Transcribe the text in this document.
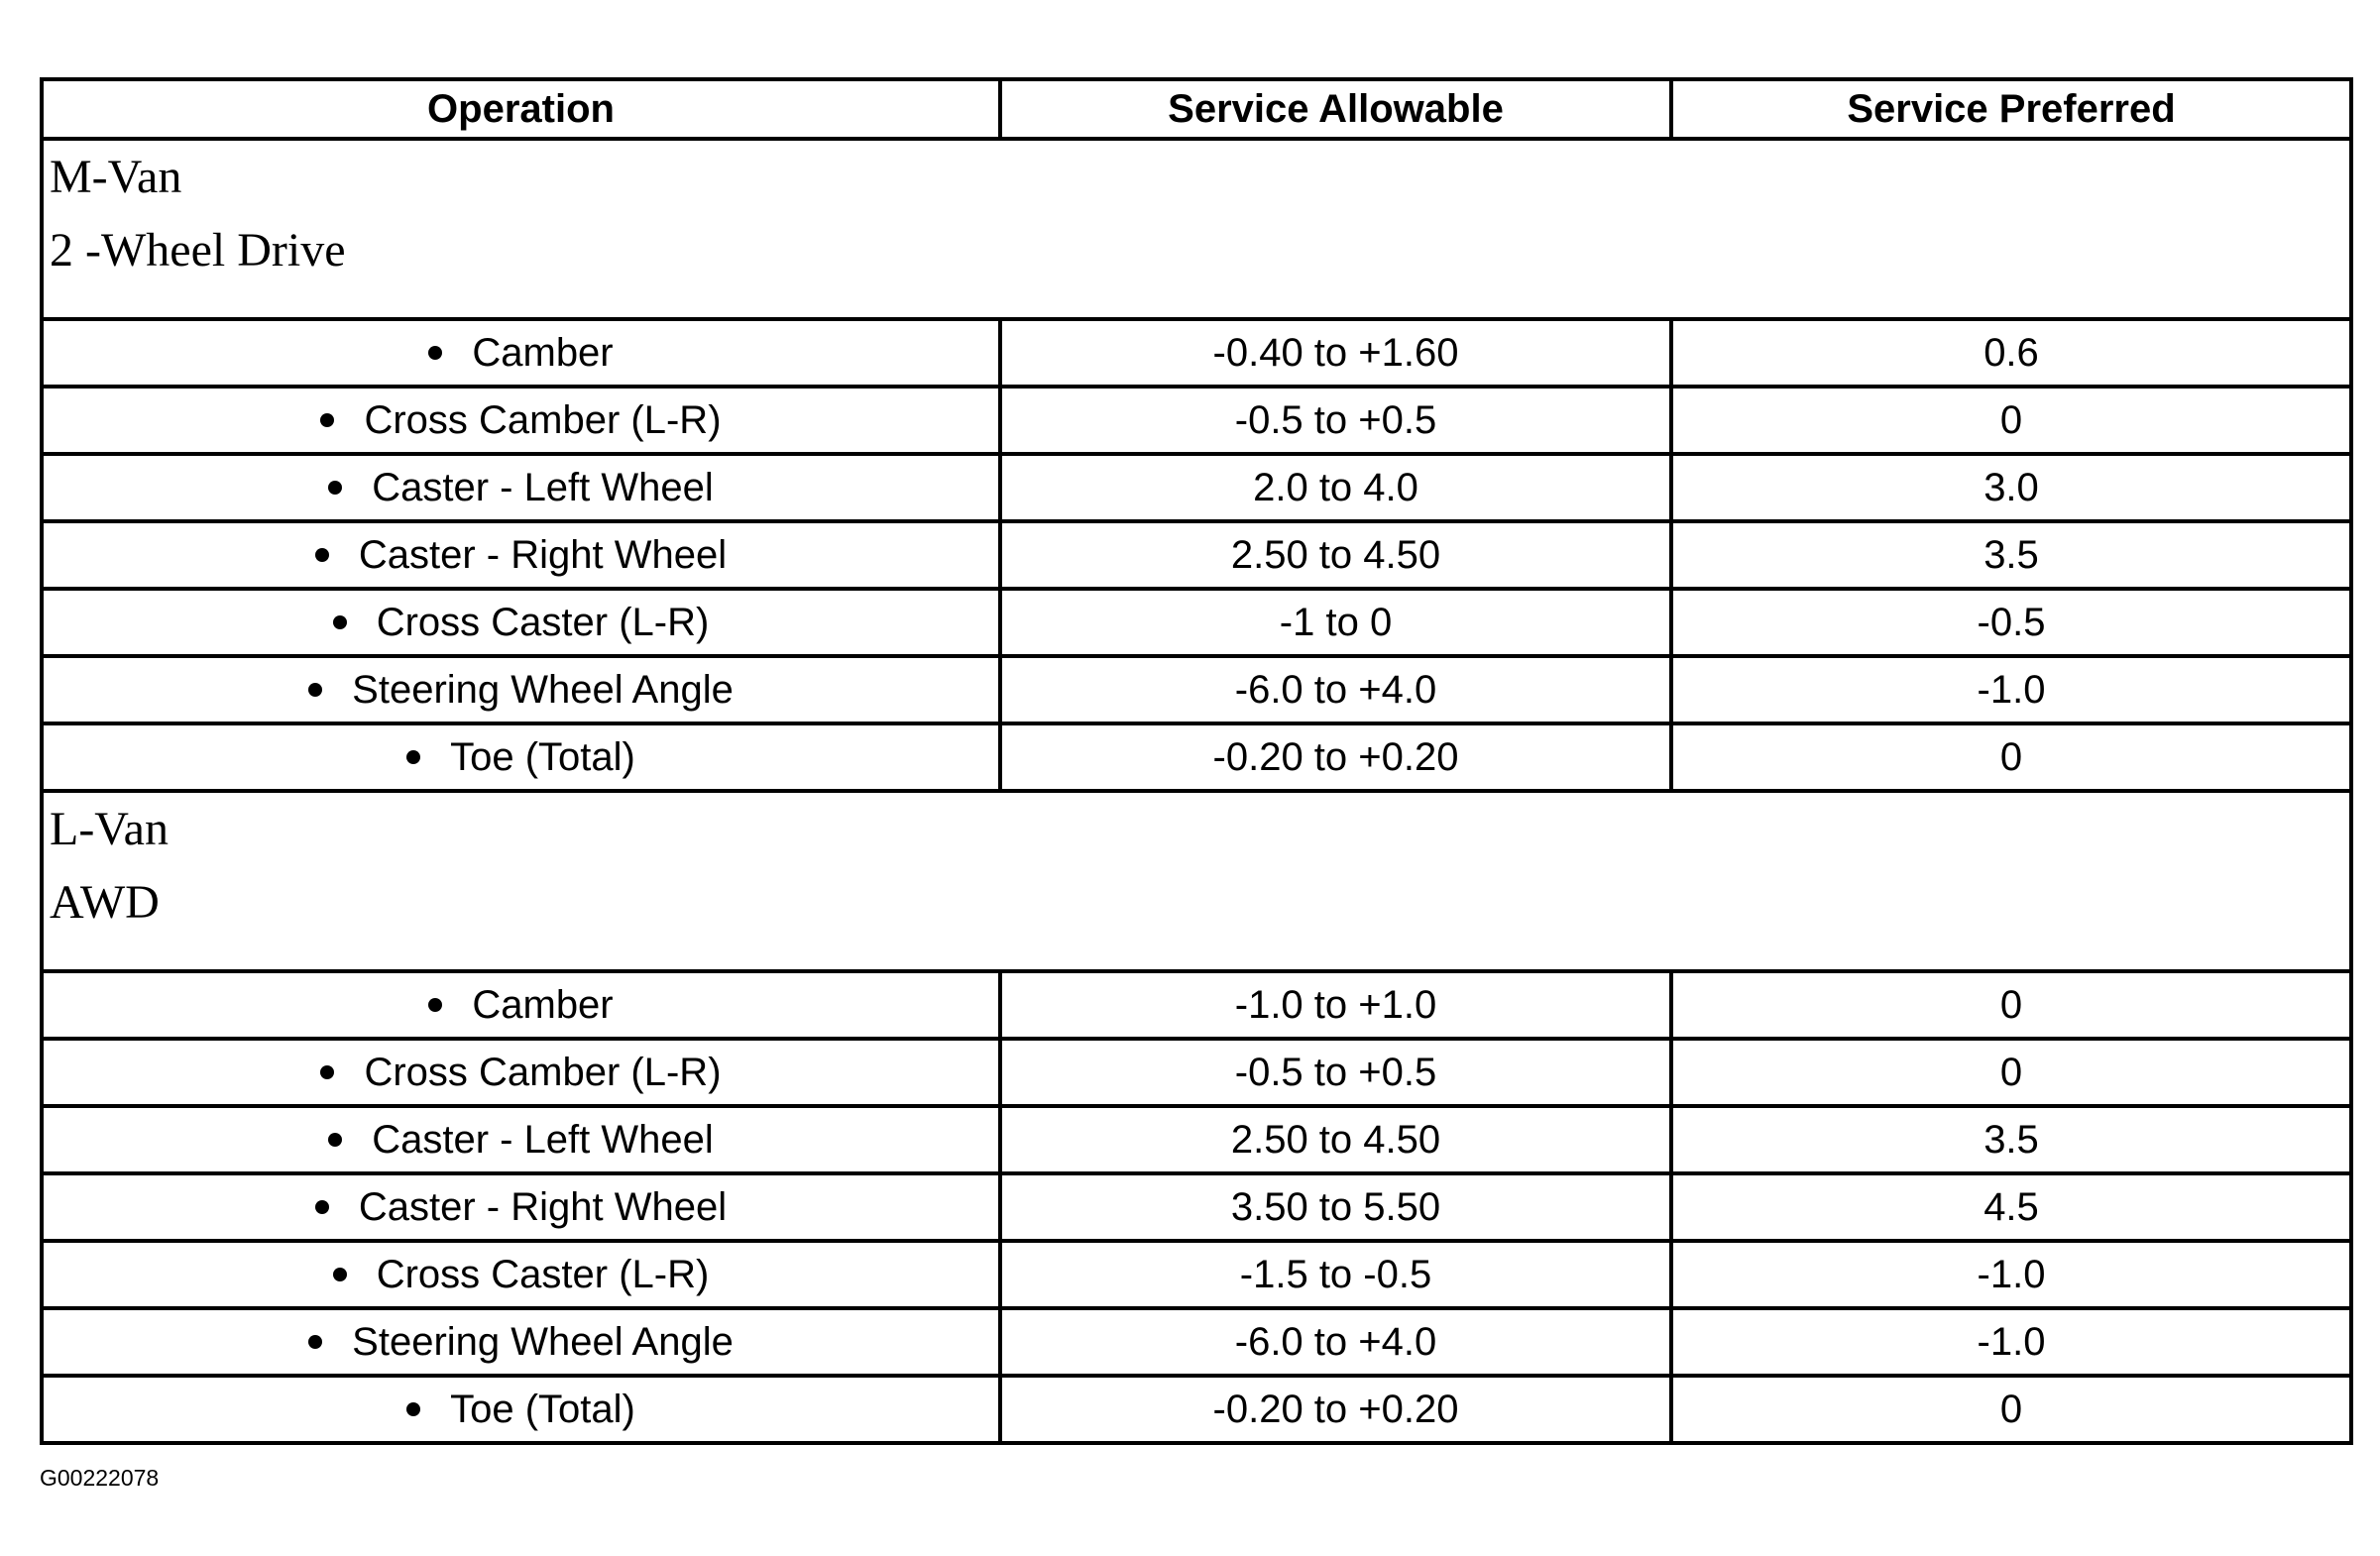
Operation	Service Allowable	Service Preferred

M-Van
2 -Wheel Drive		

Camber	-0.40 to +1.60	0.6
Cross Camber (L-R)	-0.5 to +0.5	0
Caster - Left Wheel	2.0 to 4.0	3.0
Caster - Right Wheel	2.50 to 4.50	3.5
Cross Caster (L-R)	-1 to 0	-0.5
Steering Wheel Angle	-6.0 to +4.0	-1.0
Toe (Total)	-0.20 to +0.20	0

L-Van
AWD		

Camber	-1.0 to +1.0	0
Cross Camber (L-R)	-0.5 to +0.5	0
Caster - Left Wheel	2.50 to 4.50	3.5
Caster - Right Wheel	3.50 to 5.50	4.5
Cross Caster (L-R)	-1.5 to -0.5	-1.0
Steering Wheel Angle	-6.0 to +4.0	-1.0
Toe (Total)	-0.20 to +0.20	0
G00222078
